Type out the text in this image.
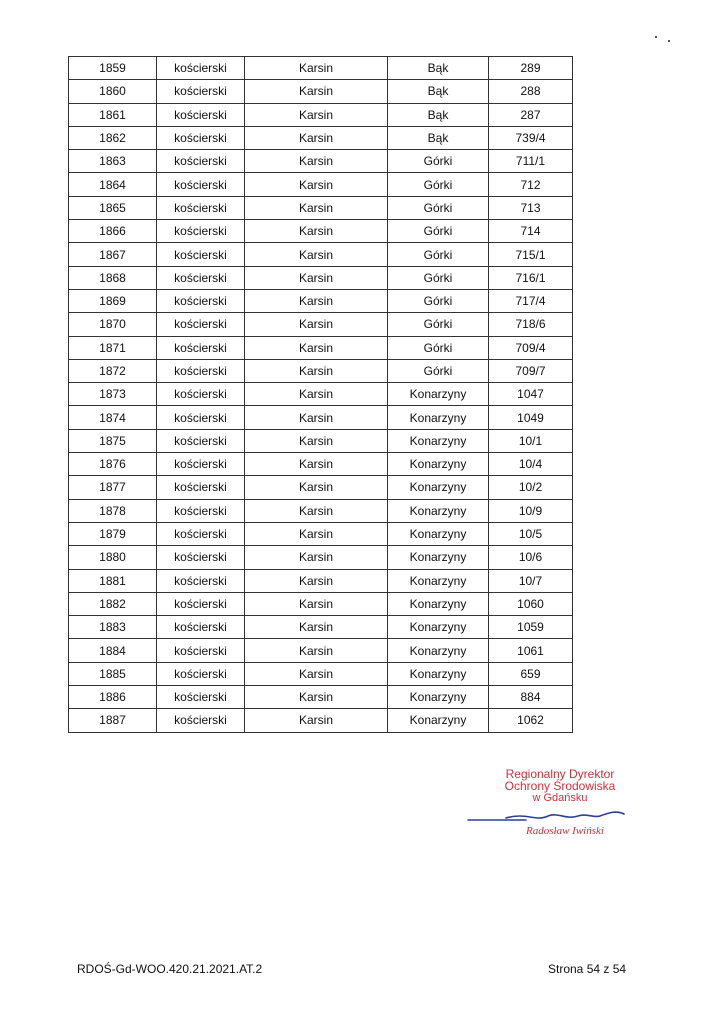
1859	kościerski	Karsin	Bąk	289
1860	kościerski	Karsin	Bąk	288
1861	kościerski	Karsin	Bąk	287
1862	kościerski	Karsin	Bąk	739/4
1863	kościerski	Karsin	Górki	711/1
1864	kościerski	Karsin	Górki	712
1865	kościerski	Karsin	Górki	713
1866	kościerski	Karsin	Górki	714
1867	kościerski	Karsin	Górki	715/1
1868	kościerski	Karsin	Górki	716/1
1869	kościerski	Karsin	Górki	717/4
1870	kościerski	Karsin	Górki	718/6
1871	kościerski	Karsin	Górki	709/4
1872	kościerski	Karsin	Górki	709/7
1873	kościerski	Karsin	Konarzyny	1047
1874	kościerski	Karsin	Konarzyny	1049
1875	kościerski	Karsin	Konarzyny	10/1
1876	kościerski	Karsin	Konarzyny	10/4
1877	kościerski	Karsin	Konarzyny	10/2
1878	kościerski	Karsin	Konarzyny	10/9
1879	kościerski	Karsin	Konarzyny	10/5
1880	kościerski	Karsin	Konarzyny	10/6
1881	kościerski	Karsin	Konarzyny	10/7
1882	kościerski	Karsin	Konarzyny	1060
1883	kościerski	Karsin	Konarzyny	1059
1884	kościerski	Karsin	Konarzyny	1061
1885	kościerski	Karsin	Konarzyny	659
1886	kościerski	Karsin	Konarzyny	884
1887	kościerski	Karsin	Konarzyny	1062
Regionalny Dyrektor
Ochrony Środowiska
w Gdańsku
Radosław Iwiński
RDOŚ-Gd-WOO.420.21.2021.AT.2	Strona 54 z 54
